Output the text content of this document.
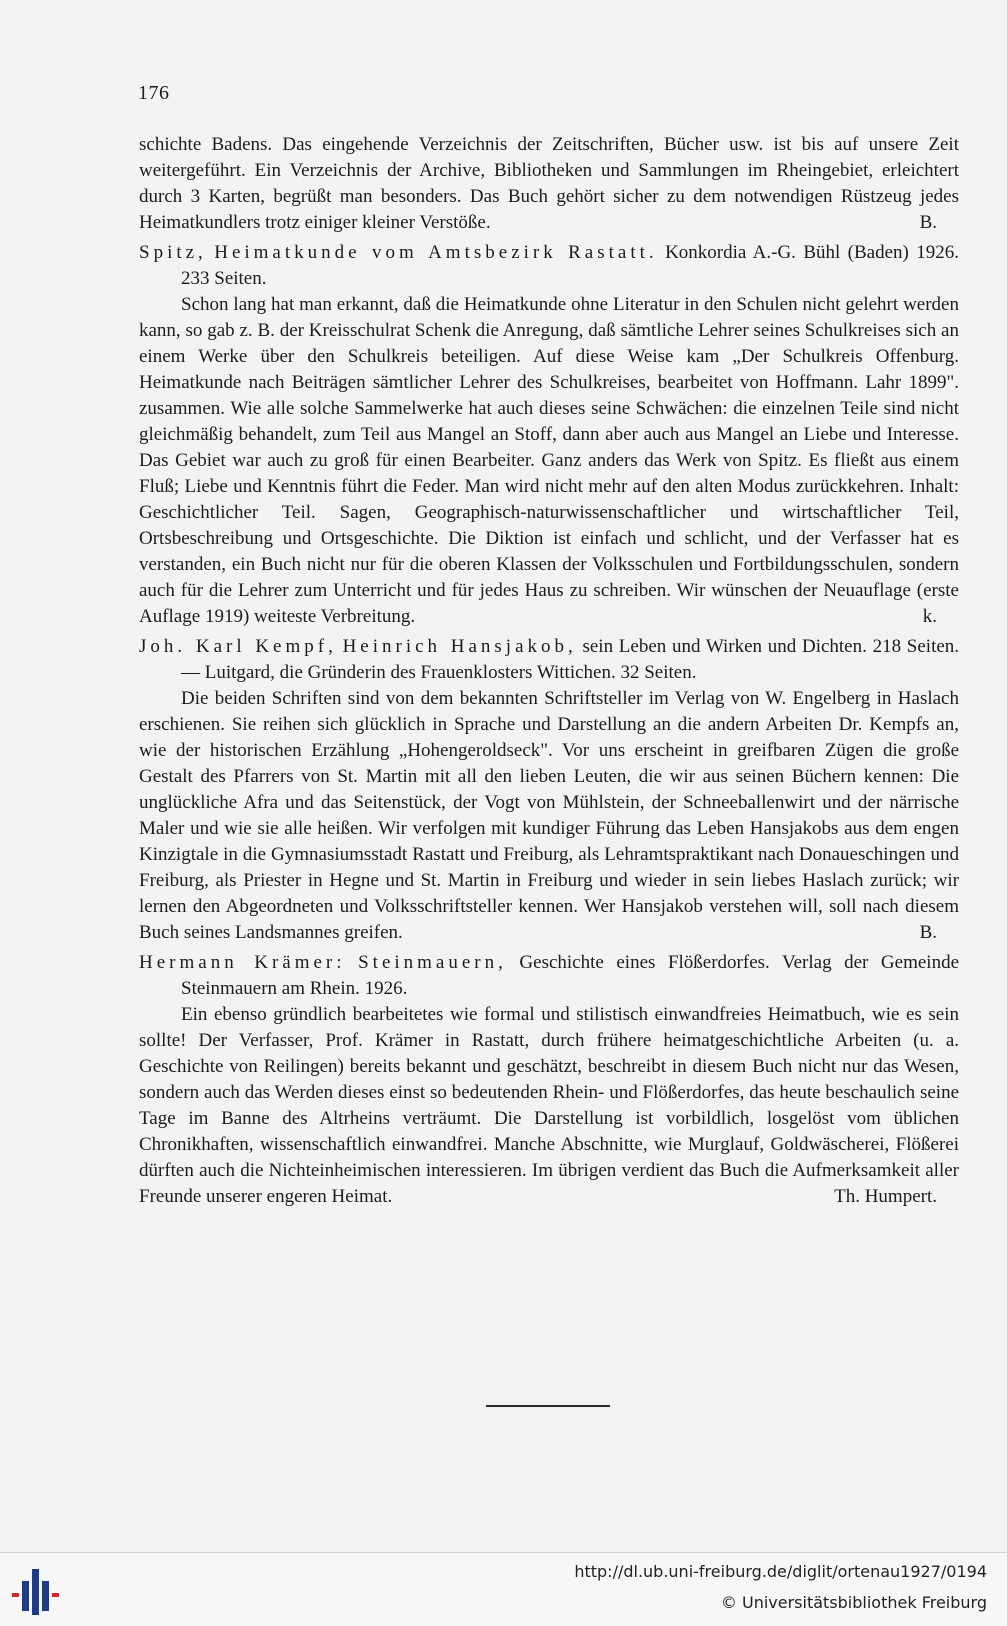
176

schichte Badens. Das eingehende Verzeichnis der Zeitschriften, Bücher usw. ist bis auf unsere Zeit weitergeführt. Ein Verzeichnis der Archive, Bibliotheken und Sammlungen im Rheingebiet, erleichtert durch 3 Karten, begrüßt man besonders. Das Buch gehört sicher zu dem notwendigen Rüstzeug jedes Heimatkundlers trotz einiger kleiner Verstöße.	B.

Spitz, Heimatkunde vom Amtsbezirk Rastatt. Konkordia A.-G. Bühl (Baden) 1926. 233 Seiten.

Schon lang hat man erkannt, daß die Heimatkunde ohne Literatur in den Schulen nicht gelehrt werden kann, so gab z. B. der Kreisschulrat Schenk die Anregung, daß sämtliche Lehrer seines Schulkreises sich an einem Werke über den Schulkreis beteiligen. Auf diese Weise kam „Der Schulkreis Offenburg. Heimatkunde nach Beiträgen sämtlicher Lehrer des Schulkreises, bearbeitet von Hoffmann. Lahr 1899". zusammen. Wie alle solche Sammelwerke hat auch dieses seine Schwächen: die einzelnen Teile sind nicht gleichmäßig behandelt, zum Teil aus Mangel an Stoff, dann aber auch aus Mangel an Liebe und Interesse. Das Gebiet war auch zu groß für einen Bearbeiter. Ganz anders das Werk von Spitz. Es fließt aus einem Fluß; Liebe und Kenntnis führt die Feder. Man wird nicht mehr auf den alten Modus zurückkehren. Inhalt: Geschichtlicher Teil. Sagen, Geographisch-naturwissenschaftlicher und wirtschaftlicher Teil, Ortsbeschreibung und Ortsgeschichte. Die Diktion ist einfach und schlicht, und der Verfasser hat es verstanden, ein Buch nicht nur für die oberen Klassen der Volksschulen und Fortbildungsschulen, sondern auch für die Lehrer zum Unterricht und für jedes Haus zu schreiben. Wir wünschen der Neuauflage (erste Auflage 1919) weiteste Verbreitung.	k.

Joh. Karl Kempf, Heinrich Hansjakob, sein Leben und Wirken und Dichten. 218 Seiten. — Luitgard, die Gründerin des Frauenklosters Wittichen. 32 Seiten.

Die beiden Schriften sind von dem bekannten Schriftsteller im Verlag von W. Engelberg in Haslach erschienen. Sie reihen sich glücklich in Sprache und Darstellung an die andern Arbeiten Dr. Kempfs an, wie der historischen Erzählung „Hohengeroldseck". Vor uns erscheint in greifbaren Zügen die große Gestalt des Pfarrers von St. Martin mit all den lieben Leuten, die wir aus seinen Büchern kennen: Die unglückliche Afra und das Seitenstück, der Vogt von Mühlstein, der Schneeballenwirt und der närrische Maler und wie sie alle heißen. Wir verfolgen mit kundiger Führung das Leben Hansjakobs aus dem engen Kinzigtale in die Gymnasiumsstadt Rastatt und Freiburg, als Lehramtspraktikant nach Donaueschingen und Freiburg, als Priester in Hegne und St. Martin in Freiburg und wieder in sein liebes Haslach zurück; wir lernen den Abgeordneten und Volksschriftsteller kennen. Wer Hansjakob verstehen will, soll nach diesem Buch seines Landsmannes greifen.	B.

Hermann Krämer: Steinmauern, Geschichte eines Flößerdorfes. Verlag der Gemeinde Steinmauern am Rhein. 1926.

Ein ebenso gründlich bearbeitetes wie formal und stilistisch einwandfreies Heimatbuch, wie es sein sollte! Der Verfasser, Prof. Krämer in Rastatt, durch frühere heimatgeschichtliche Arbeiten (u. a. Geschichte von Reilingen) bereits bekannt und geschätzt, beschreibt in diesem Buch nicht nur das Wesen, sondern auch das Werden dieses einst so bedeutenden Rhein- und Flößerdorfes, das heute beschaulich seine Tage im Banne des Altrheins verträumt. Die Darstellung ist vorbildlich, losgelöst vom üblichen Chronikhaften, wissenschaftlich einwandfrei. Manche Abschnitte, wie Murglauf, Goldwäscherei, Flößerei dürften auch die Nichteinheimischen interessieren. Im übrigen verdient das Buch die Aufmerksamkeit aller Freunde unserer engeren Heimat.	Th. Humpert.

http://dl.ub.uni-freiburg.de/diglit/ortenau1927/0194
© Universitätsbibliothek Freiburg
